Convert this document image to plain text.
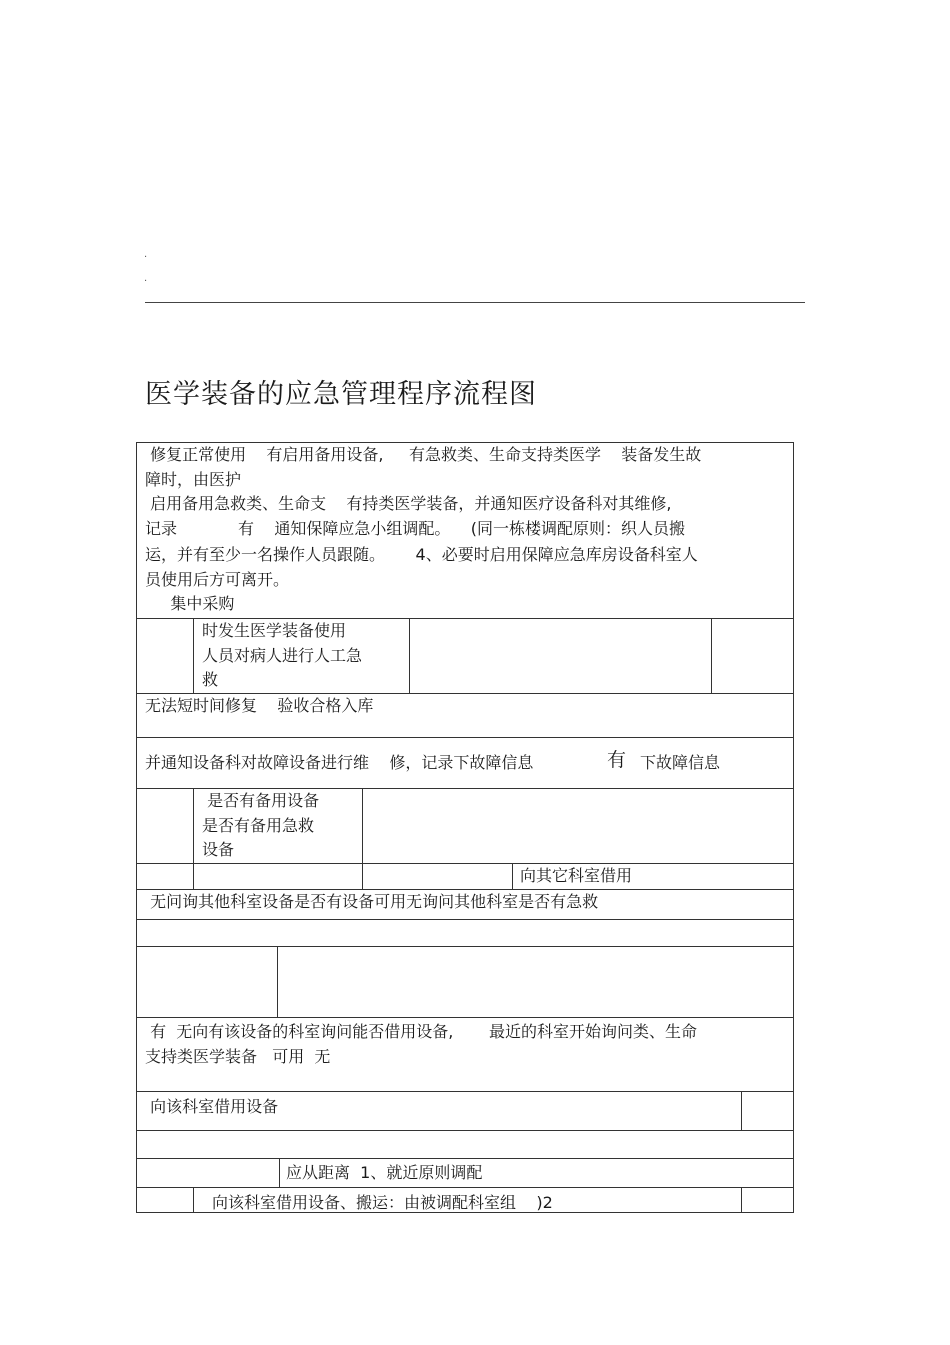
.
.
医学装备的应急管理程序流程图
修复正常使用    有启用备用设备,     有急救类、生命支持类医学    装备发生故
障时，由医护
启用备用急救类、生命支    有持类医学装备，并通知医疗设备科对其维修,
记录            有    通知保障应急小组调配。    (同一栋楼调配原则：织人员搬
运，并有至少一名操作人员跟随。      4、必要时启用保障应急库房设备科室人
员使用后方可离开。
集中采购
时发生医学装备使用
人员对病人进行人工急
救
无法短时间修复    验收合格入库
并通知设备科对故障设备进行维    修，记录下故障信息	有 下故障信息
是否有备用设备
是否有备用急救
设备
向其它科室借用
无问询其他科室设备是否有设备可用无询问其他科室是否有急救
有  无向有该设备的科室询问能否借用设备,       最近的科室开始询问类、生命
支持类医学装备   可用  无
向该科室借用设备
应从距离  1、就近原则调配
向该科室借用设备、搬运：由被调配科室组    )2
